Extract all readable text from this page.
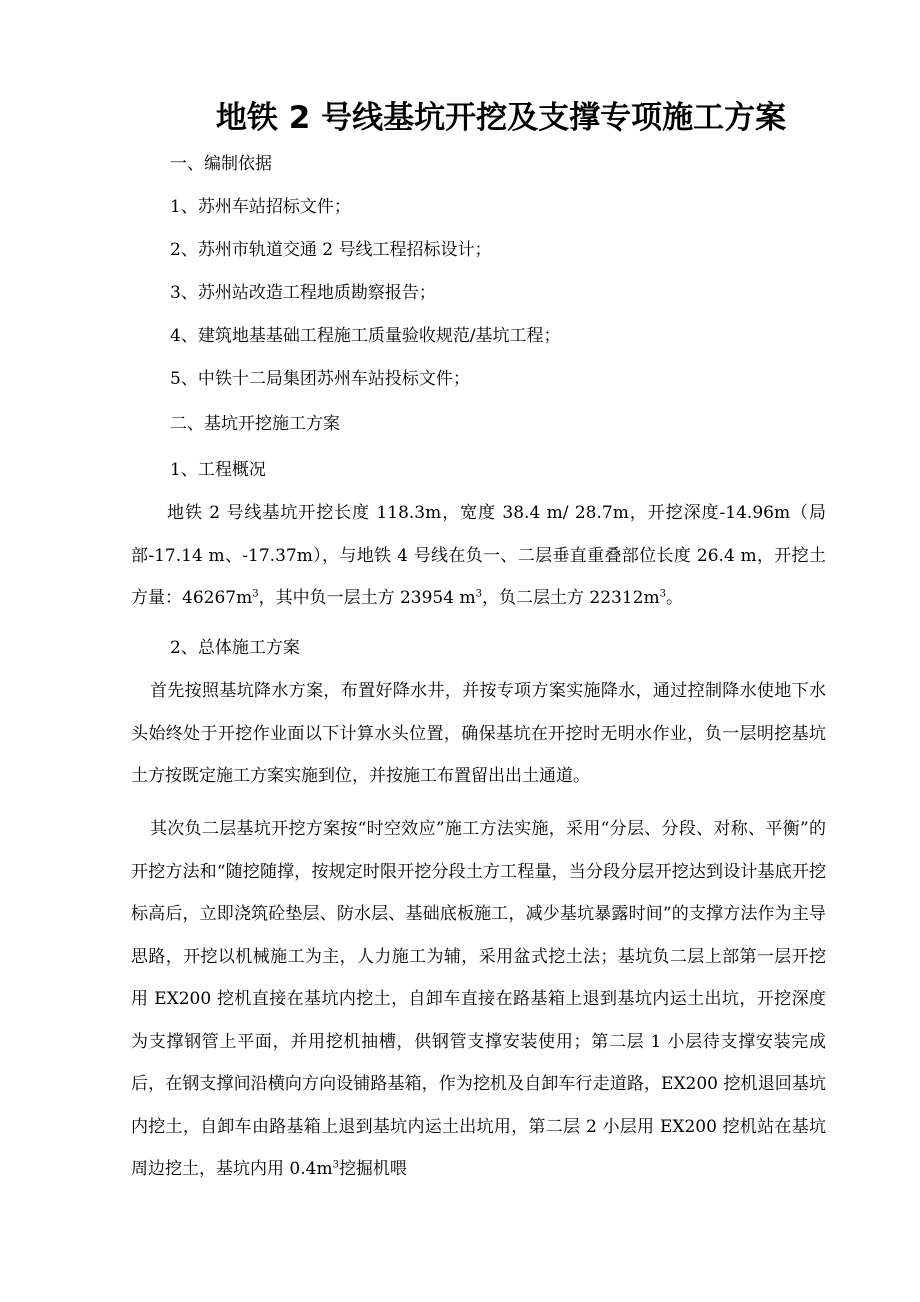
地铁 2 号线基坑开挖及支撑专项施工方案
一、编制依据
1、苏州车站招标文件；
2、苏州市轨道交通 2 号线工程招标设计；
3、苏州站改造工程地质勘察报告；
4、建筑地基基础工程施工质量验收规范/基坑工程；
5、中铁十二局集团苏州车站投标文件；
二、基坑开挖施工方案
1、工程概况

地铁 2 号线基坑开挖长度 118.3m，宽度 38.4 m/ 28.7m，开挖深度-14.96m（局部-17.14 m、-17.37m），与地铁 4 号线在负一、二层垂直重叠部位长度 26.4 m，开挖土方量：$46267m^3$，其中负一层土方 23954 $m^3$，负二层土方 $22312m^3$。

2、总体施工方案

首先按照基坑降水方案，布置好降水井，并按专项方案实施降水，通过控制降水使地下水头始终处于开挖作业面以下计算水头位置，确保基坑在开挖时无明水作业，负一层明挖基坑土方按既定施工方案实施到位，并按施工布置留出出土通道。

其次负二层基坑开挖方案按“时空效应”施工方法实施，采用“分层、分段、对称、平衡”的开挖方法和“随挖随撑，按规定时限开挖分段土方工程量，当分段分层开挖达到设计基底开挖标高后，立即浇筑砼垫层、防水层、基础底板施工，减少基坑暴露时间”的支撑方法作为主导思路，开挖以机械施工为主，人力施工为辅，采用盆式挖土法；基坑负二层上部第一层开挖用 EX200 挖机直接在基坑内挖土，自卸车直接在路基箱上退到基坑内运土出坑，开挖深度为支撑钢管上平面，并用挖机抽槽，供钢管支撑安装使用；第二层 1 小层待支撑安装完成后，在钢支撑间沿横向方向设铺路基箱，作为挖机及自卸车行走道路，EX200 挖机退回基坑内挖土，自卸车由路基箱上退到基坑内运土出坑用，第二层 2 小层用 EX200 挖机站在基坑周边挖土，基坑内用 $0.4m^3$挖掘机喂
